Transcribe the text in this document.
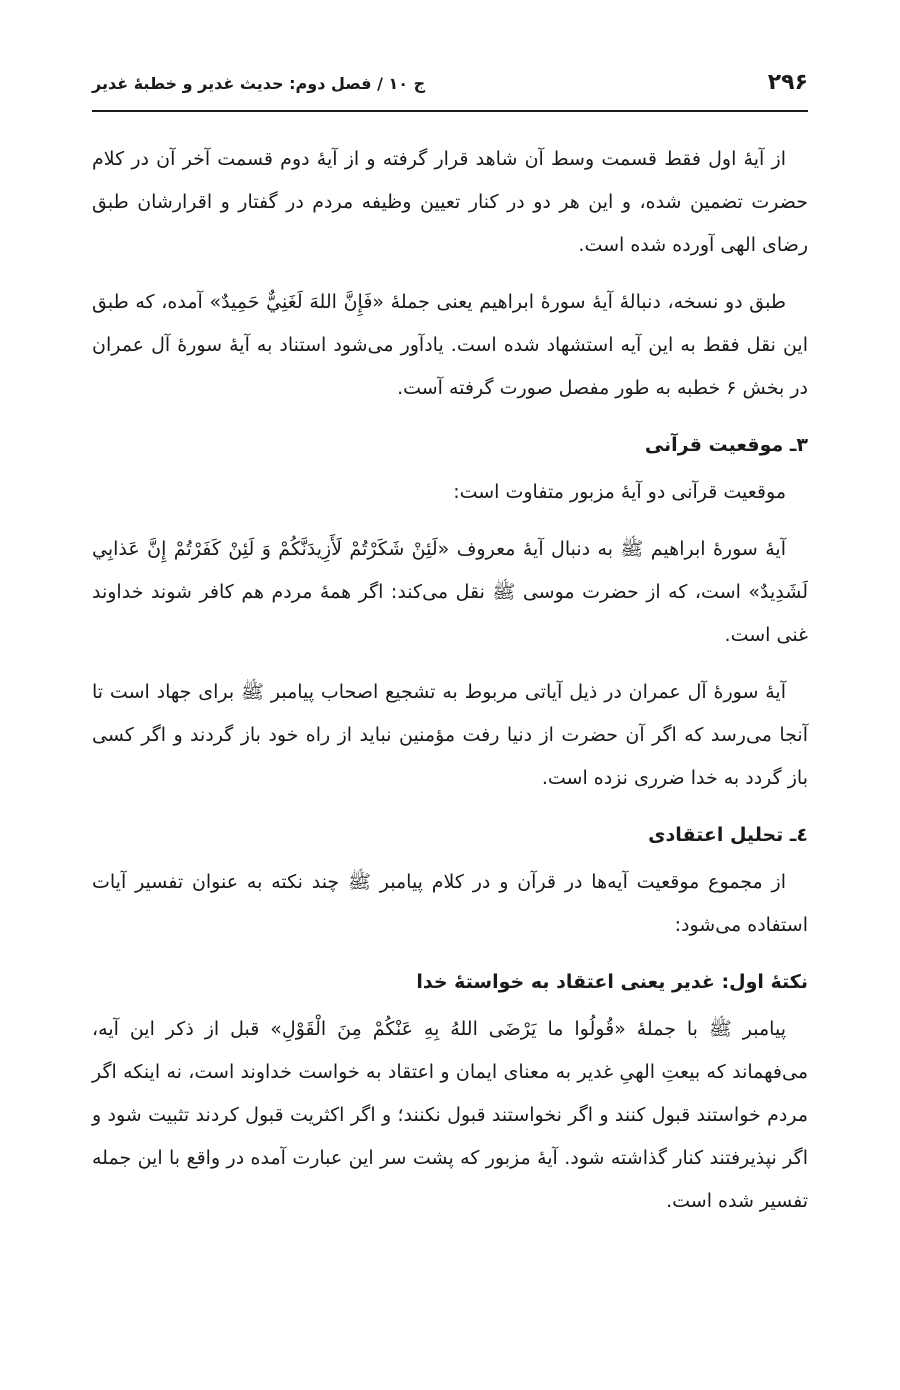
۲۹۶
ج ۱۰ / فصل دوم: حدیث غدیر و خطبهٔ غدیر

از آیهٔ اول فقط قسمت وسط آن شاهد قرار گرفته و از آیهٔ دوم قسمت آخر آن در کلام حضرت تضمین شده، و این هر دو در کنار تعیین وظیفه مردم در گفتار و اقرارشان طبق رضای الهی آورده شده است.

طبق دو نسخه، دنبالهٔ آیهٔ سورهٔ ابراهیم یعنی جملهٔ «فَإِنَّ اللهَ لَغَنِيٌّ حَمِيدٌ» آمده، که طبق این نقل فقط به این آیه استشهاد شده است. یادآور می‌شود استناد به آیهٔ سورهٔ آل عمران در بخش ۶ خطبه به طور مفصل صورت گرفته آست.

۳ـ موقعیت قرآنی

موقعیت قرآنی دو آیهٔ مزبور متفاوت است:

آیهٔ سورهٔ ابراهیم ﷺ به دنبال آیهٔ معروف «لَئِنْ شَكَرْتُمْ لَأَزِيدَنَّكُمْ وَ لَئِنْ كَفَرْتُمْ إِنَّ عَذابِي لَشَدِيدٌ» است، که از حضرت موسی ﷺ نقل می‌کند: اگر همهٔ مردم هم کافر شوند خداوند غنی است.

آیهٔ سورهٔ آل عمران در ذیل آیاتی مربوط به تشجیع اصحاب پیامبر ﷺ برای جهاد است تا آنجا می‌رسد که اگر آن حضرت از دنیا رفت مؤمنین نباید از راه خود باز گردند و اگر کسی باز گردد به خدا ضرری نزده است.

٤ـ تحلیل اعتقادی

از مجموع موقعیت آیه‌ها در قرآن و در کلام پیامبر ﷺ چند نکته به عنوان تفسیر آیات استفاده می‌شود:

نکتهٔ اول: غدیر یعنی اعتقاد به خواستهٔ خدا

پیامبر ﷺ با جملهٔ «قُولُوا ما يَرْضَى اللهُ بِهِ عَنْكُمْ مِنَ الْقَوْلِ» قبل از ذکر این آیه، می‌فهماند که بیعتِ الهیِ غدیر به معنای ایمان و اعتقاد به خواست خداوند است، نه اینکه اگر مردم خواستند قبول کنند و اگر نخواستند قبول نکنند؛ و اگر اکثریت قبول کردند تثبیت شود و اگر نپذیرفتند کنار گذاشته شود. آیهٔ مزبور که پشت سر این عبارت آمده در واقع با این جمله تفسیر شده است.
